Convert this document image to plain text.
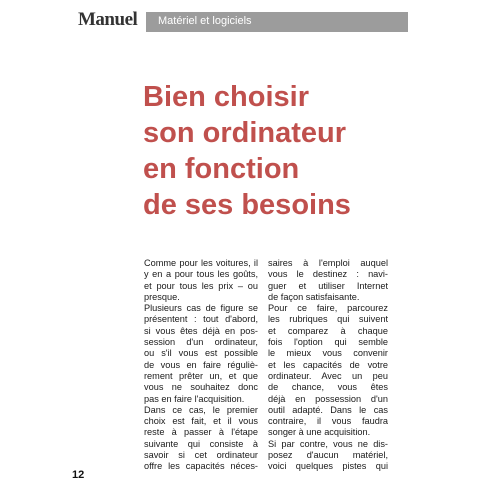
Manuel Matériel et logiciels
Bien choisir
son ordinateur
en fonction
de ses besoins
Comme pour les voitures, il
y en a pour tous les goûts,
et pour tous les prix – ou
presque.
Plusieurs cas de figure se
présentent : tout d'abord,
si vous êtes déjà en pos-
session d'un ordinateur,
ou s'il vous est possible
de vous en faire réguliè-
rement prêter un, et que
vous ne souhaitez donc
pas en faire l'acquisition.
Dans ce cas, le premier
choix est fait, et il vous
reste à passer à l'étape
suivante qui consiste à
savoir si cet ordinateur
offre les capacités néces-
saires à l'emploi auquel
vous le destinez : navi-
guer et utiliser Internet
de façon satisfaisante.
Pour ce faire, parcourez
les rubriques qui suivent
et comparez à chaque
fois l'option qui semble
le mieux vous convenir
et les capacités de votre
ordinateur. Avec un peu
de chance, vous êtes
déjà en possession d'un
outil adapté. Dans le cas
contraire, il vous faudra
songer à une acquisition.
Si par contre, vous ne dis-
posez d'aucun matériel,
voici quelques pistes qui
12
